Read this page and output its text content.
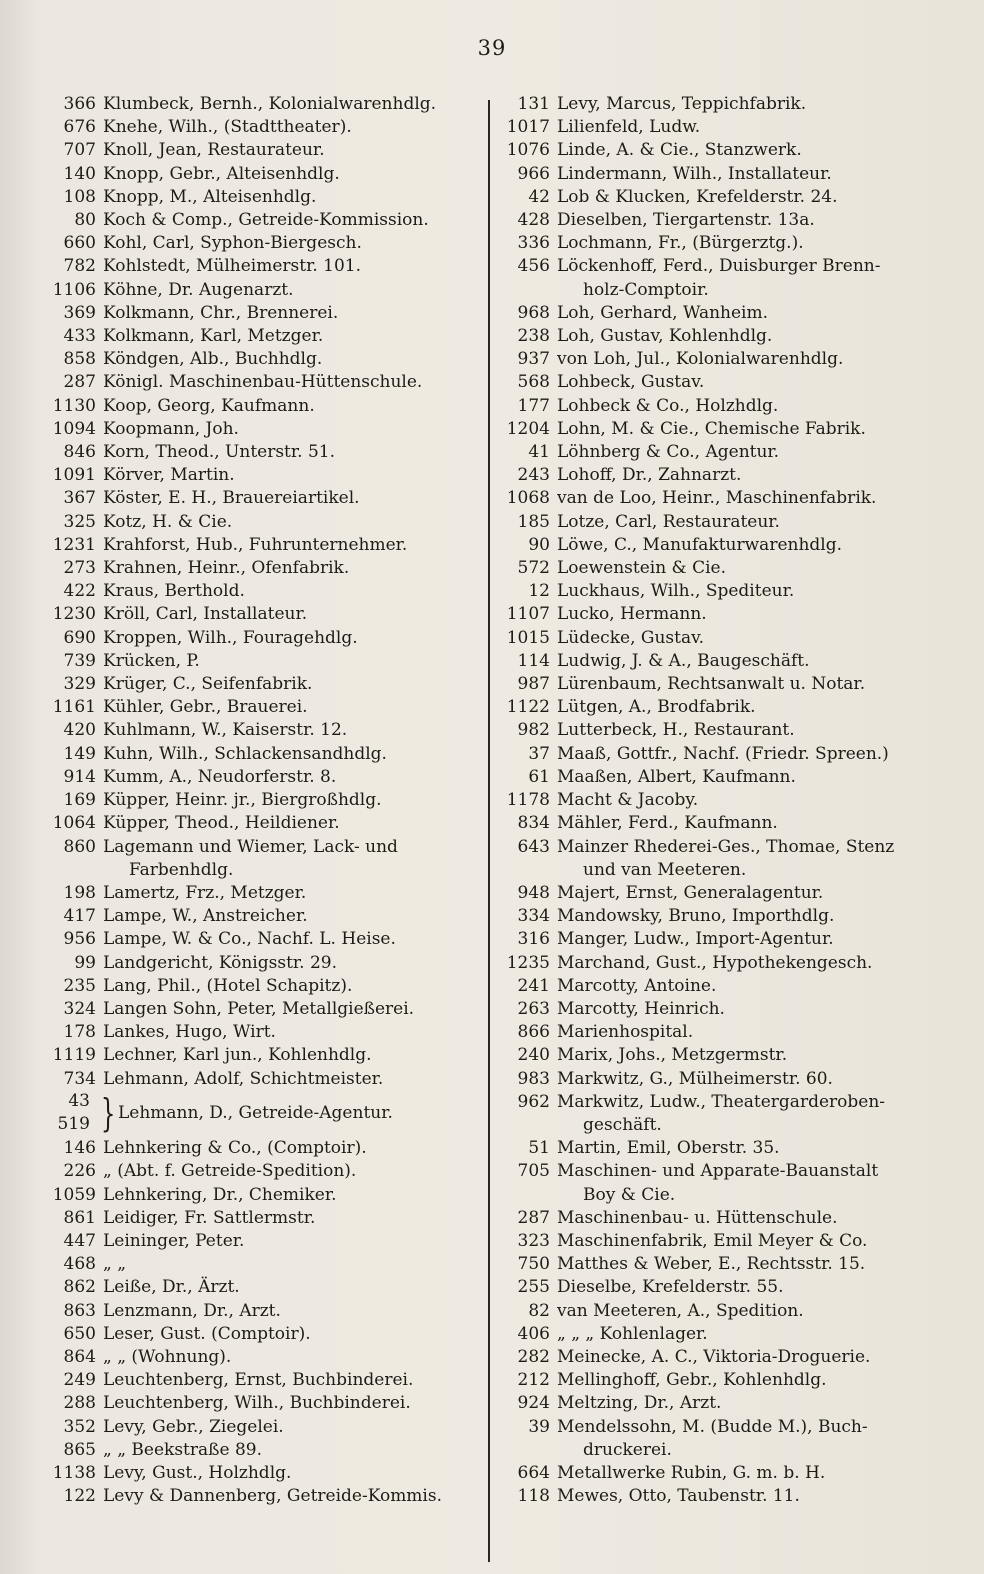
39
366 Klumbeck, Bernh., Kolonialwarenhdlg.
676 Knehe, Wilh., (Stadttheater).
707 Knoll, Jean, Restaurateur.
140 Knopp, Gebr., Alteisenhdlg.
108 Knopp, M., Alteisenhdlg.
80 Koch & Comp., Getreide-Kommission.
660 Kohl, Carl, Syphon-Biergesch.
782 Kohlstedt, Mülheimerstr. 101.
1106 Köhne, Dr. Augenarzt.
369 Kolkmann, Chr., Brennerei.
433 Kolkmann, Karl, Metzger.
858 Köndgen, Alb., Buchhdlg.
287 Königl. Maschinenbau-Hüttenschule.
1130 Koop, Georg, Kaufmann.
1094 Koopmann, Joh.
846 Korn, Theod., Unterstr. 51.
1091 Körver, Martin.
367 Köster, E. H., Brauereiartikel.
325 Kotz, H. & Cie.
1231 Krahforst, Hub., Fuhrunternehmer.
273 Krahnen, Heinr., Ofenfabrik.
422 Kraus, Berthold.
1230 Kröll, Carl, Installateur.
690 Kroppen, Wilh., Fouragehdlg.
739 Krücken, P.
329 Krüger, C., Seifenfabrik.
1161 Kühler, Gebr., Brauerei.
420 Kuhlmann, W., Kaiserstr. 12.
149 Kuhn, Wilh., Schlackensandhdlg.
914 Kumm, A., Neudorferstr. 8.
169 Küpper, Heinr. jr., Biergroßhdlg.
1064 Küpper, Theod., Heildiener.
860 Lagemann und Wiemer, Lack- und
Farbenhdlg.
198 Lamertz, Frz., Metzger.
417 Lampe, W., Anstreicher.
956 Lampe, W. & Co., Nachf. L. Heise.
99 Landgericht, Königsstr. 29.
235 Lang, Phil., (Hotel Schapitz).
324 Langen Sohn, Peter, Metallgießerei.
178 Lankes, Hugo, Wirt.
1119 Lechner, Karl jun., Kohlenhdlg.
734 Lehmann, Adolf, Schichtmeister.
43
519 } Lehmann, D., Getreide-Agentur.
146 Lehnkering & Co., (Comptoir).
226 „ (Abt. f. Getreide-Spedition).
1059 Lehnkering, Dr., Chemiker.
861 Leidiger, Fr. Sattlermstr.
447 Leininger, Peter.
468 „ „
862 Leiße, Dr., Ärzt.
863 Lenzmann, Dr., Arzt.
650 Leser, Gust. (Comptoir).
864 „ „ (Wohnung).
249 Leuchtenberg, Ernst, Buchbinderei.
288 Leuchtenberg, Wilh., Buchbinderei.
352 Levy, Gebr., Ziegelei.
865 „ „ Beekstraße 89.
1138 Levy, Gust., Holzhdlg.
122 Levy & Dannenberg, Getreide-Kommis.
131 Levy, Marcus, Teppichfabrik.
1017 Lilienfeld, Ludw.
1076 Linde, A. & Cie., Stanzwerk.
966 Lindermann, Wilh., Installateur.
42 Lob & Klucken, Krefelderstr. 24.
428 Dieselben, Tiergartenstr. 13a.
336 Lochmann, Fr., (Bürgerztg.).
456 Löckenhoff, Ferd., Duisburger Brenn-
holz-Comptoir.
968 Loh, Gerhard, Wanheim.
238 Loh, Gustav, Kohlenhdlg.
937 von Loh, Jul., Kolonialwarenhdlg.
568 Lohbeck, Gustav.
177 Lohbeck & Co., Holzhdlg.
1204 Lohn, M. & Cie., Chemische Fabrik.
41 Löhnberg & Co., Agentur.
243 Lohoff, Dr., Zahnarzt.
1068 van de Loo, Heinr., Maschinenfabrik.
185 Lotze, Carl, Restaurateur.
90 Löwe, C., Manufakturwarenhdlg.
572 Loewenstein & Cie.
12 Luckhaus, Wilh., Spediteur.
1107 Lucko, Hermann.
1015 Lüdecke, Gustav.
114 Ludwig, J. & A., Baugeschäft.
987 Lürenbaum, Rechtsanwalt u. Notar.
1122 Lütgen, A., Brodfabrik.
982 Lutterbeck, H., Restaurant.
37 Maaß, Gottfr., Nachf. (Friedr. Spreen.)
61 Maaßen, Albert, Kaufmann.
1178 Macht & Jacoby.
834 Mähler, Ferd., Kaufmann.
643 Mainzer Rhederei-Ges., Thomae, Stenz
und van Meeteren.
948 Majert, Ernst, Generalagentur.
334 Mandowsky, Bruno, Importhdlg.
316 Manger, Ludw., Import-Agentur.
1235 Marchand, Gust., Hypothekengesch.
241 Marcotty, Antoine.
263 Marcotty, Heinrich.
866 Marienhospital.
240 Marix, Johs., Metzgermstr.
983 Markwitz, G., Mülheimerstr. 60.
962 Markwitz, Ludw., Theatergarderoben-
geschäft.
51 Martin, Emil, Oberstr. 35.
705 Maschinen- und Apparate-Bauanstalt
Boy & Cie.
287 Maschinenbau- u. Hüttenschule.
323 Maschinenfabrik, Emil Meyer & Co.
750 Matthes & Weber, E., Rechtsstr. 15.
255 Dieselbe, Krefelderstr. 55.
82 van Meeteren, A., Spedition.
406 „ „ „ Kohlenlager.
282 Meinecke, A. C., Viktoria-Droguerie.
212 Mellinghoff, Gebr., Kohlenhdlg.
924 Meltzing, Dr., Arzt.
39 Mendelssohn, M. (Budde M.), Buch-
druckerei.
664 Metallwerke Rubin, G. m. b. H.
118 Mewes, Otto, Taubenstr. 11.
